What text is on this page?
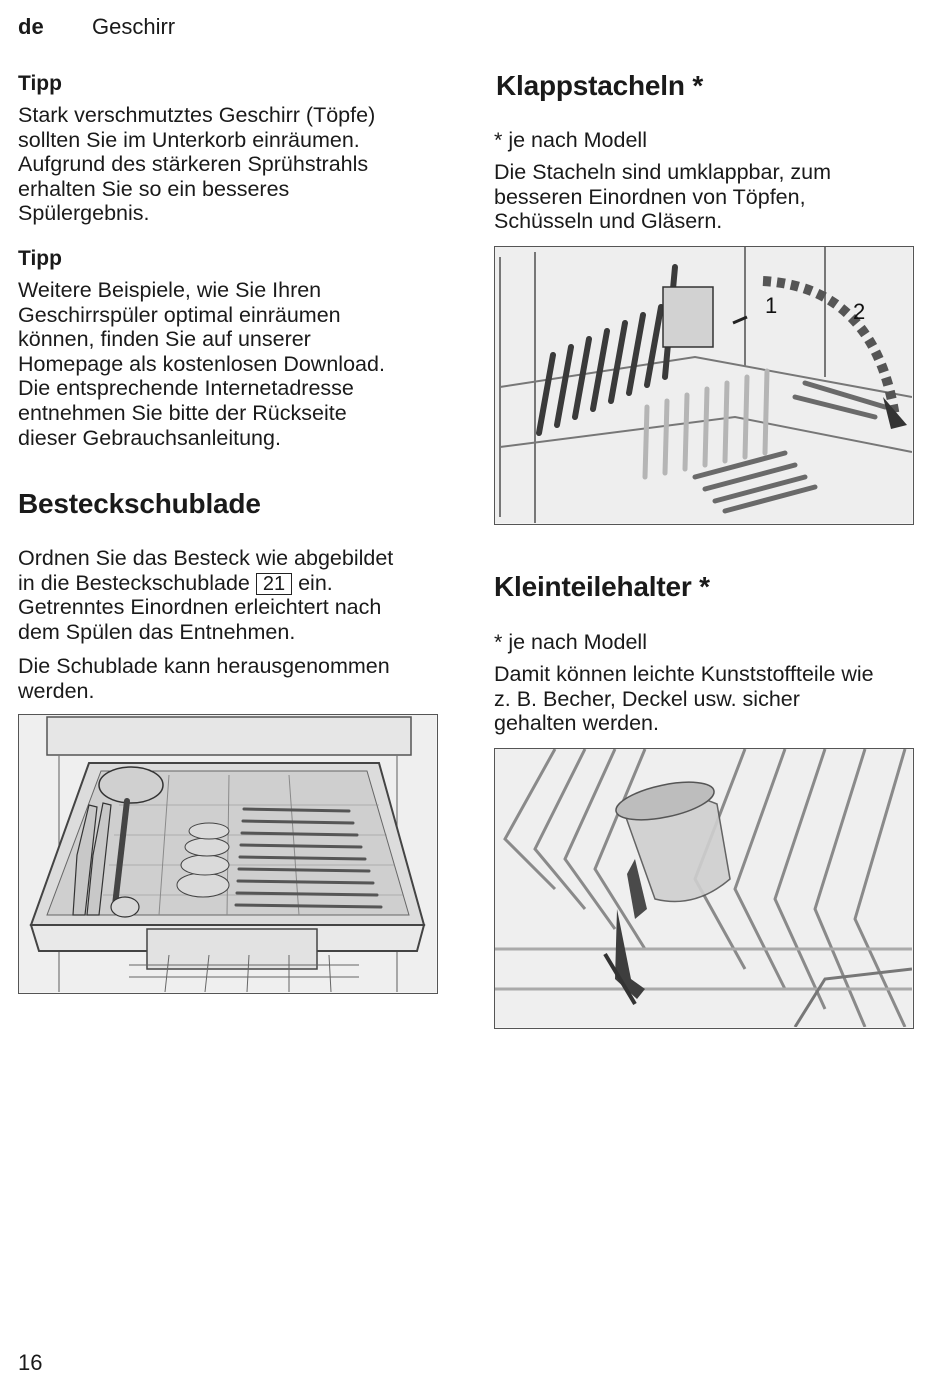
de Geschirr
Tipp

Stark verschmutztes Geschirr (Töpfe)

sollten Sie im Unterkorb einräumen.

Aufgrund des stärkeren Sprühstrahls

erhalten Sie so ein besseres

Spülergebnis.

Tipp

Weitere Beispiele, wie Sie Ihren

Geschirrspüler optimal einräumen

können, finden Sie auf unserer

Homepage als kostenlosen Download.

Die entsprechende Internetadresse

entnehmen Sie bitte der Rückseite

dieser Gebrauchsanleitung.

Besteckschublade

Ordnen Sie das Besteck wie abgebildet

in die Besteckschublade 21 ein.

Getrenntes Einordnen erleichtert nach

dem Spülen das Entnehmen.

Die Schublade kann herausgenommen

werden.

Klappstacheln *

* je nach Modell

Die Stacheln sind umklappbar, zum

besseren Einordnen von Töpfen,

Schüsseln und Gläsern.

1	2
Kleinteilehalter *

* je nach Modell

Damit können leichte Kunststoffteile wie

z. B. Becher, Deckel usw. sicher

gehalten werden.

16
